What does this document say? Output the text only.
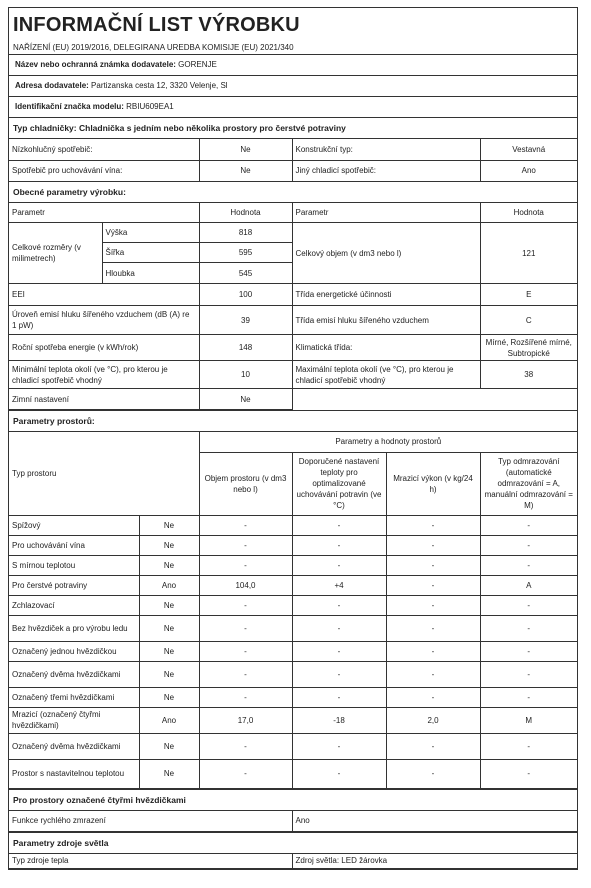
INFORMAČNÍ LIST VÝROBKU
NAŘÍZENÍ (EU) 2019/2016, DELEGIRANA UREDBA KOMISIJE (EU) 2021/340
Název nebo ochranná známka dodavatele: GORENJE
Adresa dodavatele: Partizanska cesta 12, 3320 Velenje, Sl
Identifikační značka modelu: RBIU609EA1
Typ chladničky: Chladnička s jedním nebo několika prostory pro čerstvé potraviny
Nízkohlučný spotřebič:	Ne	Konstrukční typ:	Vestavná
Spotřebič pro uchovávání vína:	Ne	Jiný chladicí spotřebič:	Ano
Obecné parametry výrobku:
Parametr		Hodnota	Parametr	Hodnota
Celkové rozměry (v milimetrech)	Výška	818	Celkový objem (v dm3 nebo l)	121
	Šířka	595		
	Hloubka	545		
EEI		100	Třída energetické účinnosti	E
Úroveň emisí hluku šířeného vzduchem (dB (A) re 1 pW)		39	Třída emisí hluku šířeného vzduchem	C
Roční spotřeba energie (v kWh/rok)		148	Klimatická třída:	Mírné, Rozšířené mírné, Subtropické
Minimální teplota okolí (ve °C), pro kterou je chladicí spotřebič vhodný		10	Maximální teplota okolí (ve °C), pro kterou je chladicí spotřebič vhodný	38
Zimní nastavení		Ne		
Parametry prostorů:
Typ prostoru		Parametry a hodnoty prostorů			
		Objem prostoru (v dm3 nebo l)	Doporučené nastavení teploty pro optimalizované uchovávání potravin (ve °C)	Mrazicí výkon (v kg/24 h)	Typ odmrazování (automatické odmrazování = A, manuální odmrazování = M)
Spížový	Ne	-	-	-	-
Pro uchovávání vína	Ne	-	-	-	-
S mírnou teplotou	Ne	-	-	-	-
Pro čerstvé potraviny	Ano	104,0	+4	-	A
Zchlazovací	Ne	-	-	-	-
Bez hvězdiček a pro výrobu ledu	Ne	-	-	-	-
Označený jednou hvězdičkou	Ne	-	-	-	-
Označený dvěma hvězdičkami	Ne	-	-	-	-
Označený třemi hvězdičkami	Ne	-	-	-	-
Mrazicí (označený čtyřmi hvězdičkami)	Ano	17,0	-18	2,0	M
Označený dvěma hvězdičkami	Ne	-	-	-	-
Prostor s nastavitelnou teplotou	Ne	-	-	-	-
Pro prostory označené čtyřmi hvězdičkami
Funkce rychlého zmrazení	Ano
Parametry zdroje světla
Typ zdroje tepla	Zdroj světla: LED žárovka
